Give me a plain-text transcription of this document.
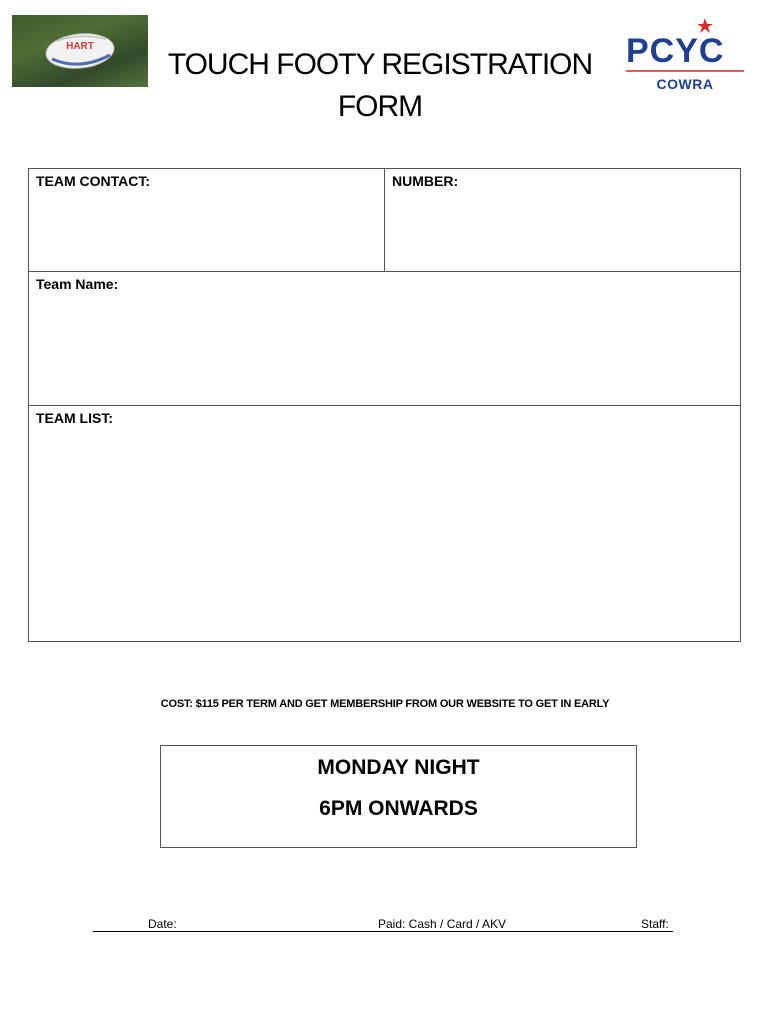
HART
TOUCH FOOTY REGISTRATION
FORM
PCYC
COWRA
TEAM CONTACT:	NUMBER:
Team Name:
TEAM LIST:
COST: $115 PER TERM AND GET MEMBERSHIP FROM OUR WEBSITE TO GET IN EARLY
MONDAY NIGHT
6PM ONWARDS
Date:	Paid: Cash / Card / AKV	Staff:
